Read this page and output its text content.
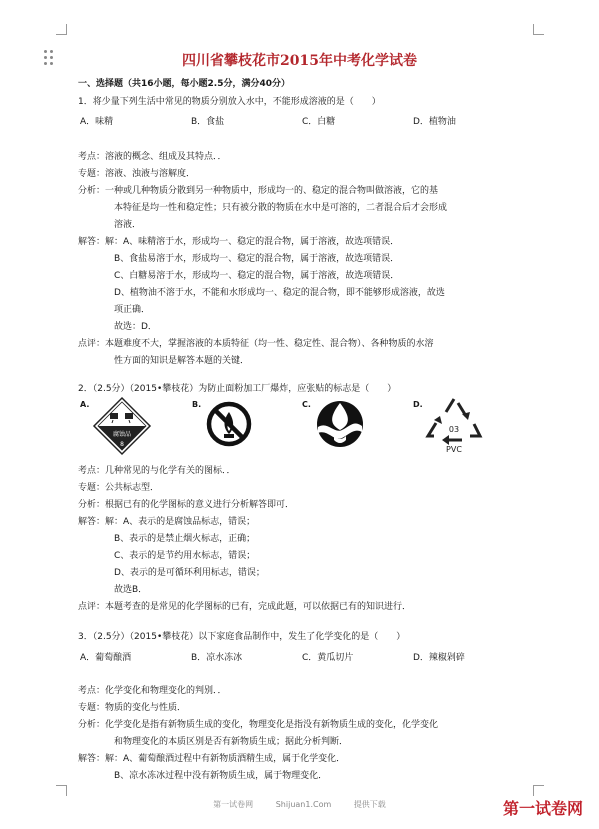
四川省攀枝花市2015年中考化学试卷
一、选择题（共16小题，每小题2.5分，满分40分）
1．将少量下列生活中常见的物质分别放入水中，不能形成溶液的是（　　）
A．味精	B．食盐	C．白糖	D．植物油
考点：溶液的概念、组成及其特点．．
专题：溶液、浊液与溶解度．
分析：一种或几种物质分散到另一种物质中，形成均一的、稳定的混合物叫做溶液，它的基
本特征是均一性和稳定性；只有被分散的物质在水中是可溶的，二者混合后才会形成
溶液．
解答：解：A、味精溶于水，形成均一、稳定的混合物，属于溶液，故选项错误．
B、食盐易溶于水，形成均一、稳定的混合物，属于溶液，故选项错误．
C、白糖易溶于水，形成均一、稳定的混合物，属于溶液，故选项错误．
D、植物油不溶于水，不能和水形成均一、稳定的混合物，即不能够形成溶液，故选
项正确．
故选：D．
点评：本题难度不大，掌握溶液的本质特征（均一性、稳定性、混合物）、各种物质的水溶
性方面的知识是解答本题的关键．
2．（2.5分）（2015•攀枝花）为防止面粉加工厂爆炸，应张贴的标志是（　　）
A.	B.	C.	D.
腐蚀品
8
03
PVC
考点：几种常见的与化学有关的图标．．
专题：公共标志型．
分析：根据已有的化学图标的意义进行分析解答即可．
解答：解：A、表示的是腐蚀品标志，错误；
B、表示的是禁止烟火标志，正确；
C、表示的是节约用水标志，错误；
D、表示的是可循环利用标志，错误；
故选B．
点评：本题考查的是常见的化学图标的已有，完成此题，可以依据已有的知识进行．
3．（2.5分）（2015•攀枝花）以下家庭食品制作中，发生了化学变化的是（　　）
A．葡萄酿酒	B．凉水冻冰	C．黄瓜切片	D．辣椒剁碎
考点：化学变化和物理变化的判别．．
专题：物质的变化与性质．
分析：化学变化是指有新物质生成的变化，物理变化是指没有新物质生成的变化，化学变化
和物理变化的本质区别是否有新物质生成；据此分析判断．
解答：解：A、葡萄酿酒过程中有新物质酒精生成，属于化学变化．
B、凉水冻冰过程中没有新物质生成，属于物理变化．
第一试卷网	Shijuan1.Com	提供下载	第一试卷网
